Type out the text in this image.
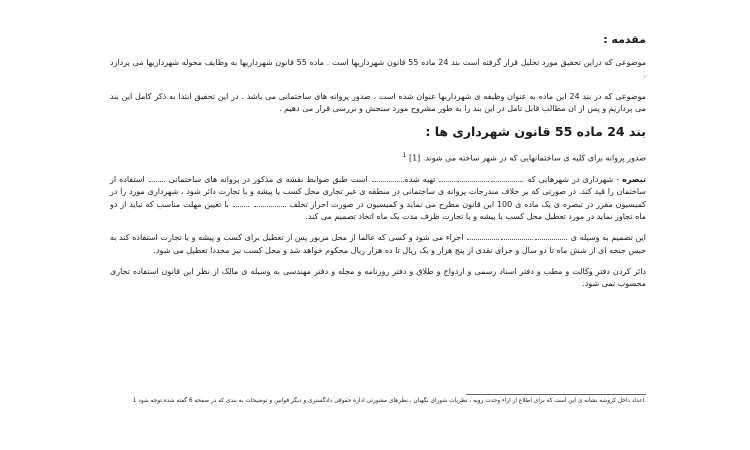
مقدمه :

موضوعی که دراین تحقیق مورد تحلیل قرار گرفته است بند 24 ماده 55 قانون شهرداریها است . ماده 55 قانون شهرداریها به وظایف محوله شهرداریها می پردازد .

موضوعی که در بند 24 این ماده به عنوان وظیفه ی شهرداریها عنوان شده است ، صدور پروانه های ساختمانی می باشد . در این تحقیق ابتدا به ذکر کامل این بند می پردازیم و پس از ان مطالب قابل تامل در این بند را به طور مشروح مورد سنجش و بررسی قرار می دهیم .

بند 24 ماده 55 قانون شهرداری ها :

صدور پروانه برای کلیه ی ساختمانهایی که در شهر ساخته می شوند. [1] $^1$

تبصره - شهرداری در شهرهایی که  تهیه شده است طبق ضوابط نقشه ی مذکور در پروانه های ساختمانی  استفاده از ساختمان را قید کند. در صورتی که بر خلاف مندرجات پروانه ی ساختمانی در منطقه ی غیر تجاری محل کسب یا پیشه و یا تجارت دائر شود ، شهرداری مورد را در کمیسیون مقرر در تبصره ی یک ماده ی 100 این قانون مطرح می نماید و کمیسیون در صورت احراز تخلف   با تعیین مهلت مناسب که نباید از دو ماه تجاوز نماید در مورد تعطیل محل کسب یا پیشه و یا تجارت ظرف مدت یک ماه اتخاذ تصمیم می کند.

این تصمیم به وسیله ی  اجراء می شود و کسی که عالما از محل مزبور پس از تعطیل برای کسب و پیشه و یا تجارت استفاده کند به حبس جنحه ای از شش ماه تا دو سال و جزای نقدی از پنج هزار و یک ریال تا ده هزار ریال محکوم خواهد شد و محل کسب نیز مجددا تعطیل می شود.

دائر کردن دفتر وکالت و مطب و دفتر اسناد رسمی و ازدواج و طلاق و دفتر روزنامه و مجله و دفتر مهندسی به وسیله ی مالک از نظر این قانون استفاده تجاری محسوب نمی شود.

1 اعداد داخل کروشه نشانه ی این است که برای اطلاع از اراء وحدت رویه ، نظریات شورای نگهبان ، نظرهای مشورتی اداره حقوقی دادگستری و دیگر قوانین و توضیحات به بندی که در صفحه 6 گفته شده توجه شود.
